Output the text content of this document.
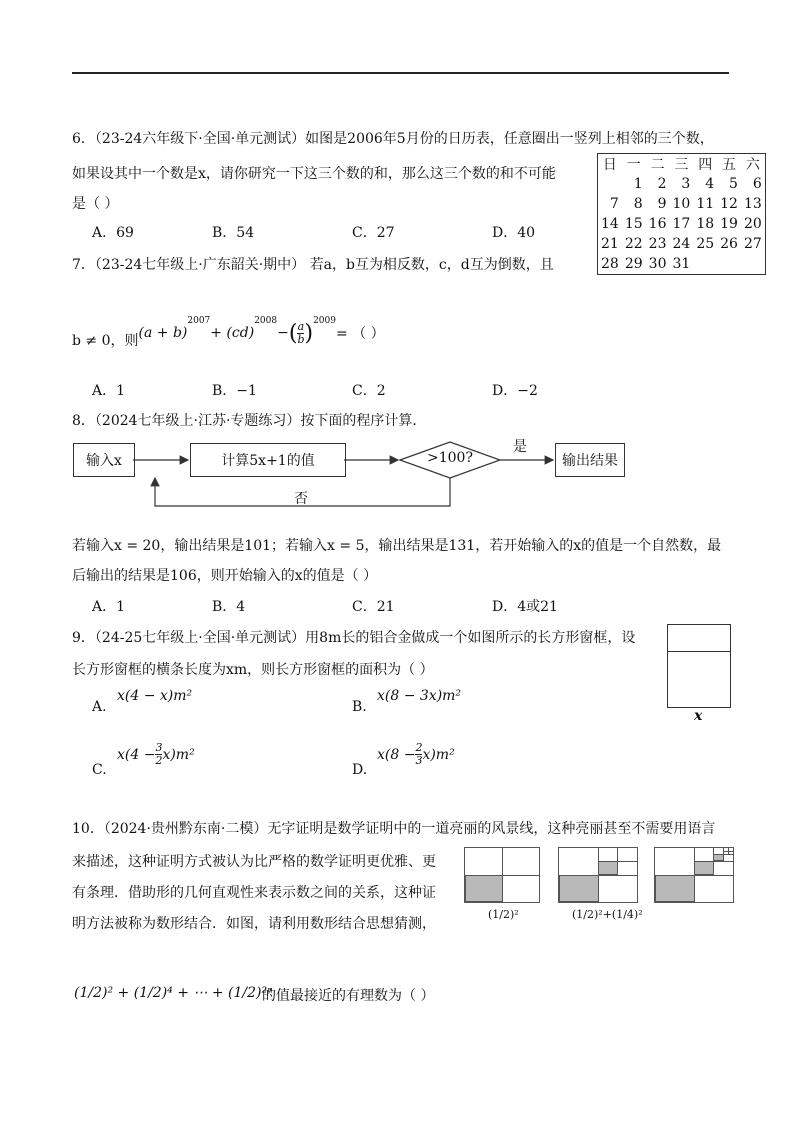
6．（23-24六年级下·全国·单元测试）如图是2006年5月份的日历表，任意圈出一竖列上相邻的三个数，
如果设其中一个数是x，请你研究一下这三个数的和，那么这三个数的和不可能
是（ ）
A．69	B．54	C．27	D．40
日	一	二	三	四	五	六
	1	2	3	4	5	6
7	8	9	10	11	12	13
14	15	16	17	18	19	20
21	22	23	24	25	26	27
28	29	30	31			
7．（23-24七年级上·广东韶关·期中） 若a，b互为相反数，c，d互为倒数，且
b ≠ 0，则 (a + b)
$^{2007}$
+ (cd)
$^{2008}$
− ( $\frac{a}{b} )^{2009}$
= （ ）
A．1	B．−1	C．2	D．−2
8．（2024七年级上·江苏·专题练习）按下面的程序计算．
输入x	计算5x+1的值	>100?
是
输出结果
否
若输入x = 20，输出结果是101；若输入x = 5，输出结果是131，若开始输入的x的值是一个自然数，最
后输出的结果是106，则开始输入的x的值是（ ）
A．1	B．4	C．21	D．4或21
9．（24-25七年级上·全国·单元测试）用8m长的铝合金做成一个如图所示的长方形窗框，设
长方形窗框的横条长度为xm，则长方形窗框的面积为（ ）
x
A.
x(4 − x)m²
B.
x(8 − 3x)m²
C.
$x(4 - \frac{3}{2} x)m^2$
D.
$x(8 - \frac{2}{3} x)m^2$
10．（2024·贵州黔东南·二模）无字证明是数学证明中的一道亮丽的风景线，这种亮丽甚至不需要用语言
来描述，这种证明方式被认为比严格的数学证明更优雅、更
有条理．借助形的几何直观性来表示数之间的关系，这种证
明方法被称为数形结合．如图，请利用数形结合思想猜测，
(1/2)²	(1/2)²+(1/4)²
(1/2)² + (1/2)⁴ + ⋯ + (1/2)²ⁿ
的值最接近的有理数为（ ）
